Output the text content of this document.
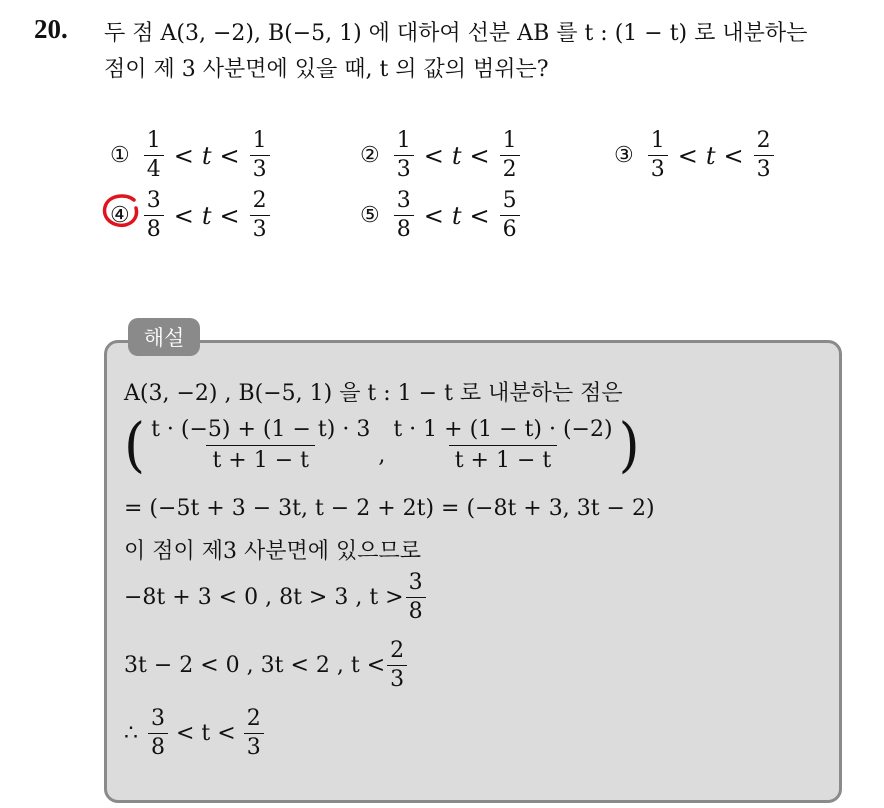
20. 두 점 A(3, −2), B(−5, 1) 에 대하여 선분 AB 를 t : (1 − t) 로 내분하는
점이 제 3 사분면에 있을 때, t 의 값의 범위는?
① $\frac{1}{4} < t < \frac{1}{3}$	② $\frac{1}{3} < t < \frac{1}{2}$	③ $\frac{1}{3} < t < \frac{2}{3}$
④ $\frac{3}{8} < t < \frac{2}{3}$	⑤ $\frac{3}{8} < t < \frac{5}{6}$
해설
A(3, −2) , B(−5, 1) 을 t : 1 − t 로 내분하는 점은
( $\frac{t \cdot (-5) + (1 - t) \cdot 3}{t + 1 - t}$ , $\frac{t \cdot 1 + (1 - t) \cdot (-2)}{t + 1 - t}$ )
= (−5t + 3 − 3t, t − 2 + 2t) = (−8t + 3, 3t − 2)
이 점이 제3 사분면에 있으므로
−8t + 3 < 0 , 8t > 3 , $t > \frac{3}{8}$
3t − 2 < 0 , 3t < 2 , $t < \frac{2}{3}$
∴ $\frac{3}{8} < t < \frac{2}{3}$
